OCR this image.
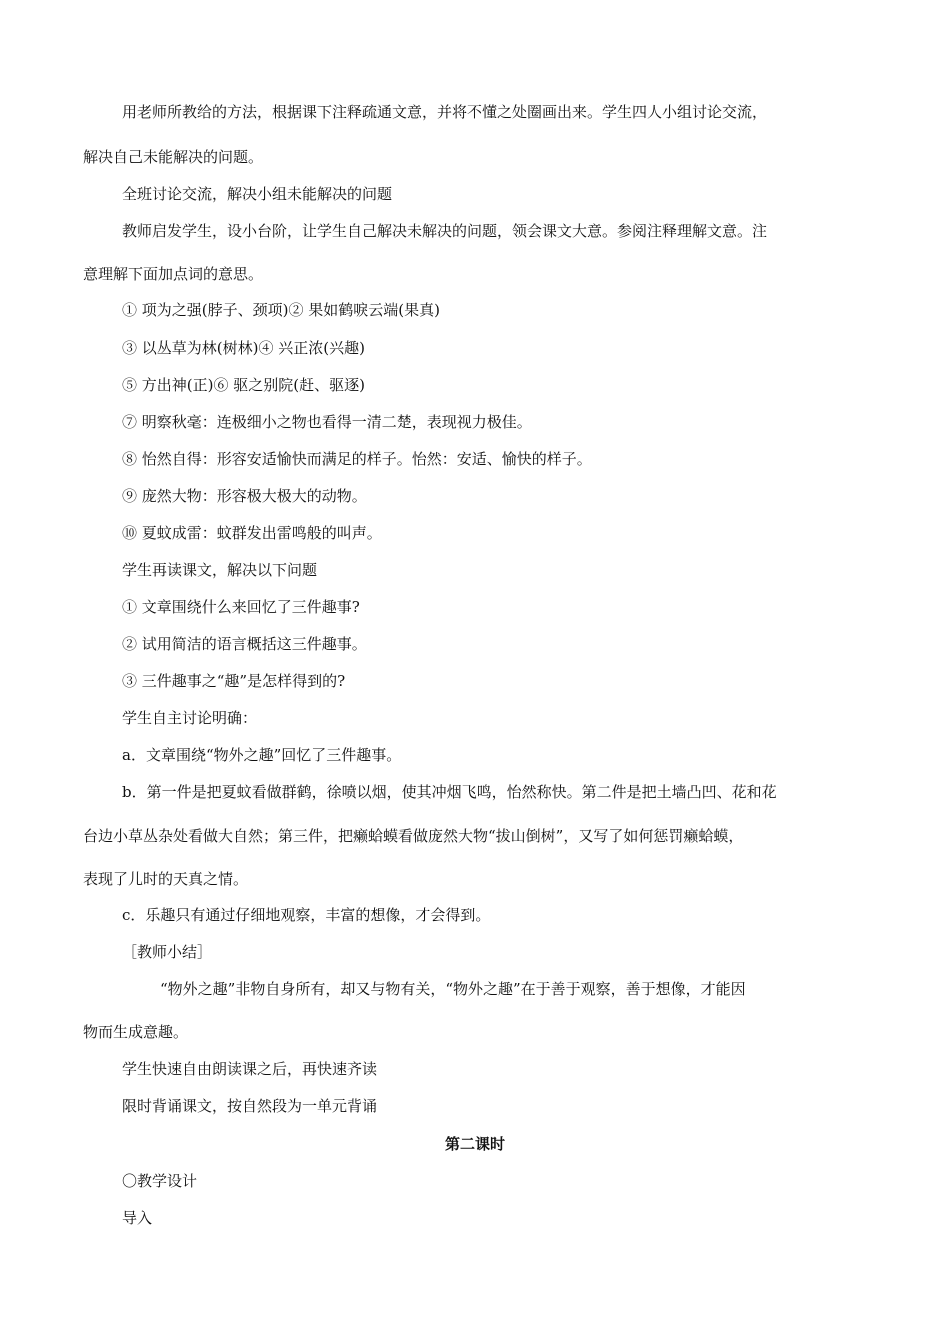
用老师所教给的方法，根据课下注释疏通文意，并将不懂之处圈画出来。学生四人小组讨论交流，
解决自己未能解决的问题。
全班讨论交流，解决小组未能解决的问题
教师启发学生，设小台阶，让学生自己解决未解决的问题，领会课文大意。参阅注释理解文意。注
意理解下面加点词的意思。
① 项为之强(脖子、颈项)② 果如鹤唳云端(果真)
③ 以丛草为林(树林)④ 兴正浓(兴趣)
⑤ 方出神(正)⑥ 驱之别院(赶、驱逐)
⑦ 明察秋毫：连极细小之物也看得一清二楚，表现视力极佳。
⑧ 怡然自得：形容安适愉快而满足的样子。怡然：安适、愉快的样子。
⑨ 庞然大物：形容极大极大的动物。
⑩ 夏蚊成雷：蚊群发出雷鸣般的叫声。
学生再读课文，解决以下问题
① 文章围绕什么来回忆了三件趣事?
② 试用简洁的语言概括这三件趣事。
③ 三件趣事之“趣”是怎样得到的?
学生自主讨论明确：
a．文章围绕“物外之趣”回忆了三件趣事。
b．第一件是把夏蚊看做群鹤，徐喷以烟，使其冲烟飞鸣，怡然称快。第二件是把土墙凸凹、花和花
台边小草丛杂处看做大自然；第三件，把癞蛤蟆看做庞然大物“拔山倒树”，又写了如何惩罚癞蛤蟆，
表现了儿时的天真之情。
c．乐趣只有通过仔细地观察，丰富的想像，才会得到。
［教师小结］
　“物外之趣”非物自身所有，却又与物有关，“物外之趣”在于善于观察，善于想像，才能因
物而生成意趣。
学生快速自由朗读课之后，再快速齐读
限时背诵课文，按自然段为一单元背诵
第二课时
〇教学设计
导入
